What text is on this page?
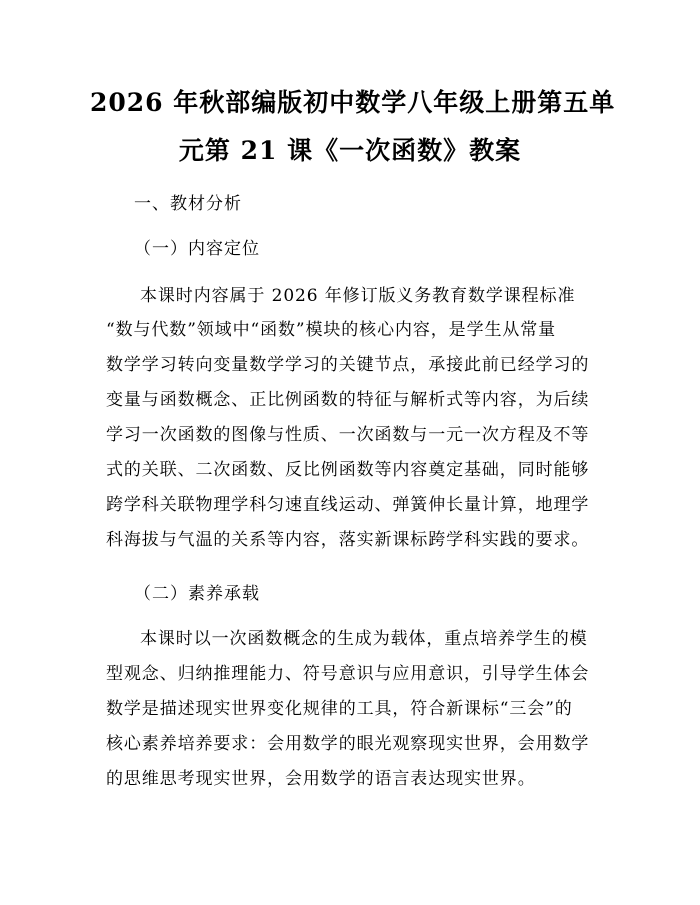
2026 年秋部编版初中数学八年级上册第五单
元第 21 课《一次函数》教案
一、教材分析
（一）内容定位
本课时内容属于 2026 年修订版义务教育数学课程标准
“数与代数”领域中“函数”模块的核心内容，是学生从常量
数学学习转向变量数学学习的关键节点，承接此前已经学习的
变量与函数概念、正比例函数的特征与解析式等内容，为后续
学习一次函数的图像与性质、一次函数与一元一次方程及不等
式的关联、二次函数、反比例函数等内容奠定基础，同时能够
跨学科关联物理学科匀速直线运动、弹簧伸长量计算，地理学
科海拔与气温的关系等内容，落实新课标跨学科实践的要求。
（二）素养承载
本课时以一次函数概念的生成为载体，重点培养学生的模
型观念、归纳推理能力、符号意识与应用意识，引导学生体会
数学是描述现实世界变化规律的工具，符合新课标“三会”的
核心素养培养要求：会用数学的眼光观察现实世界，会用数学
的思维思考现实世界，会用数学的语言表达现实世界。
